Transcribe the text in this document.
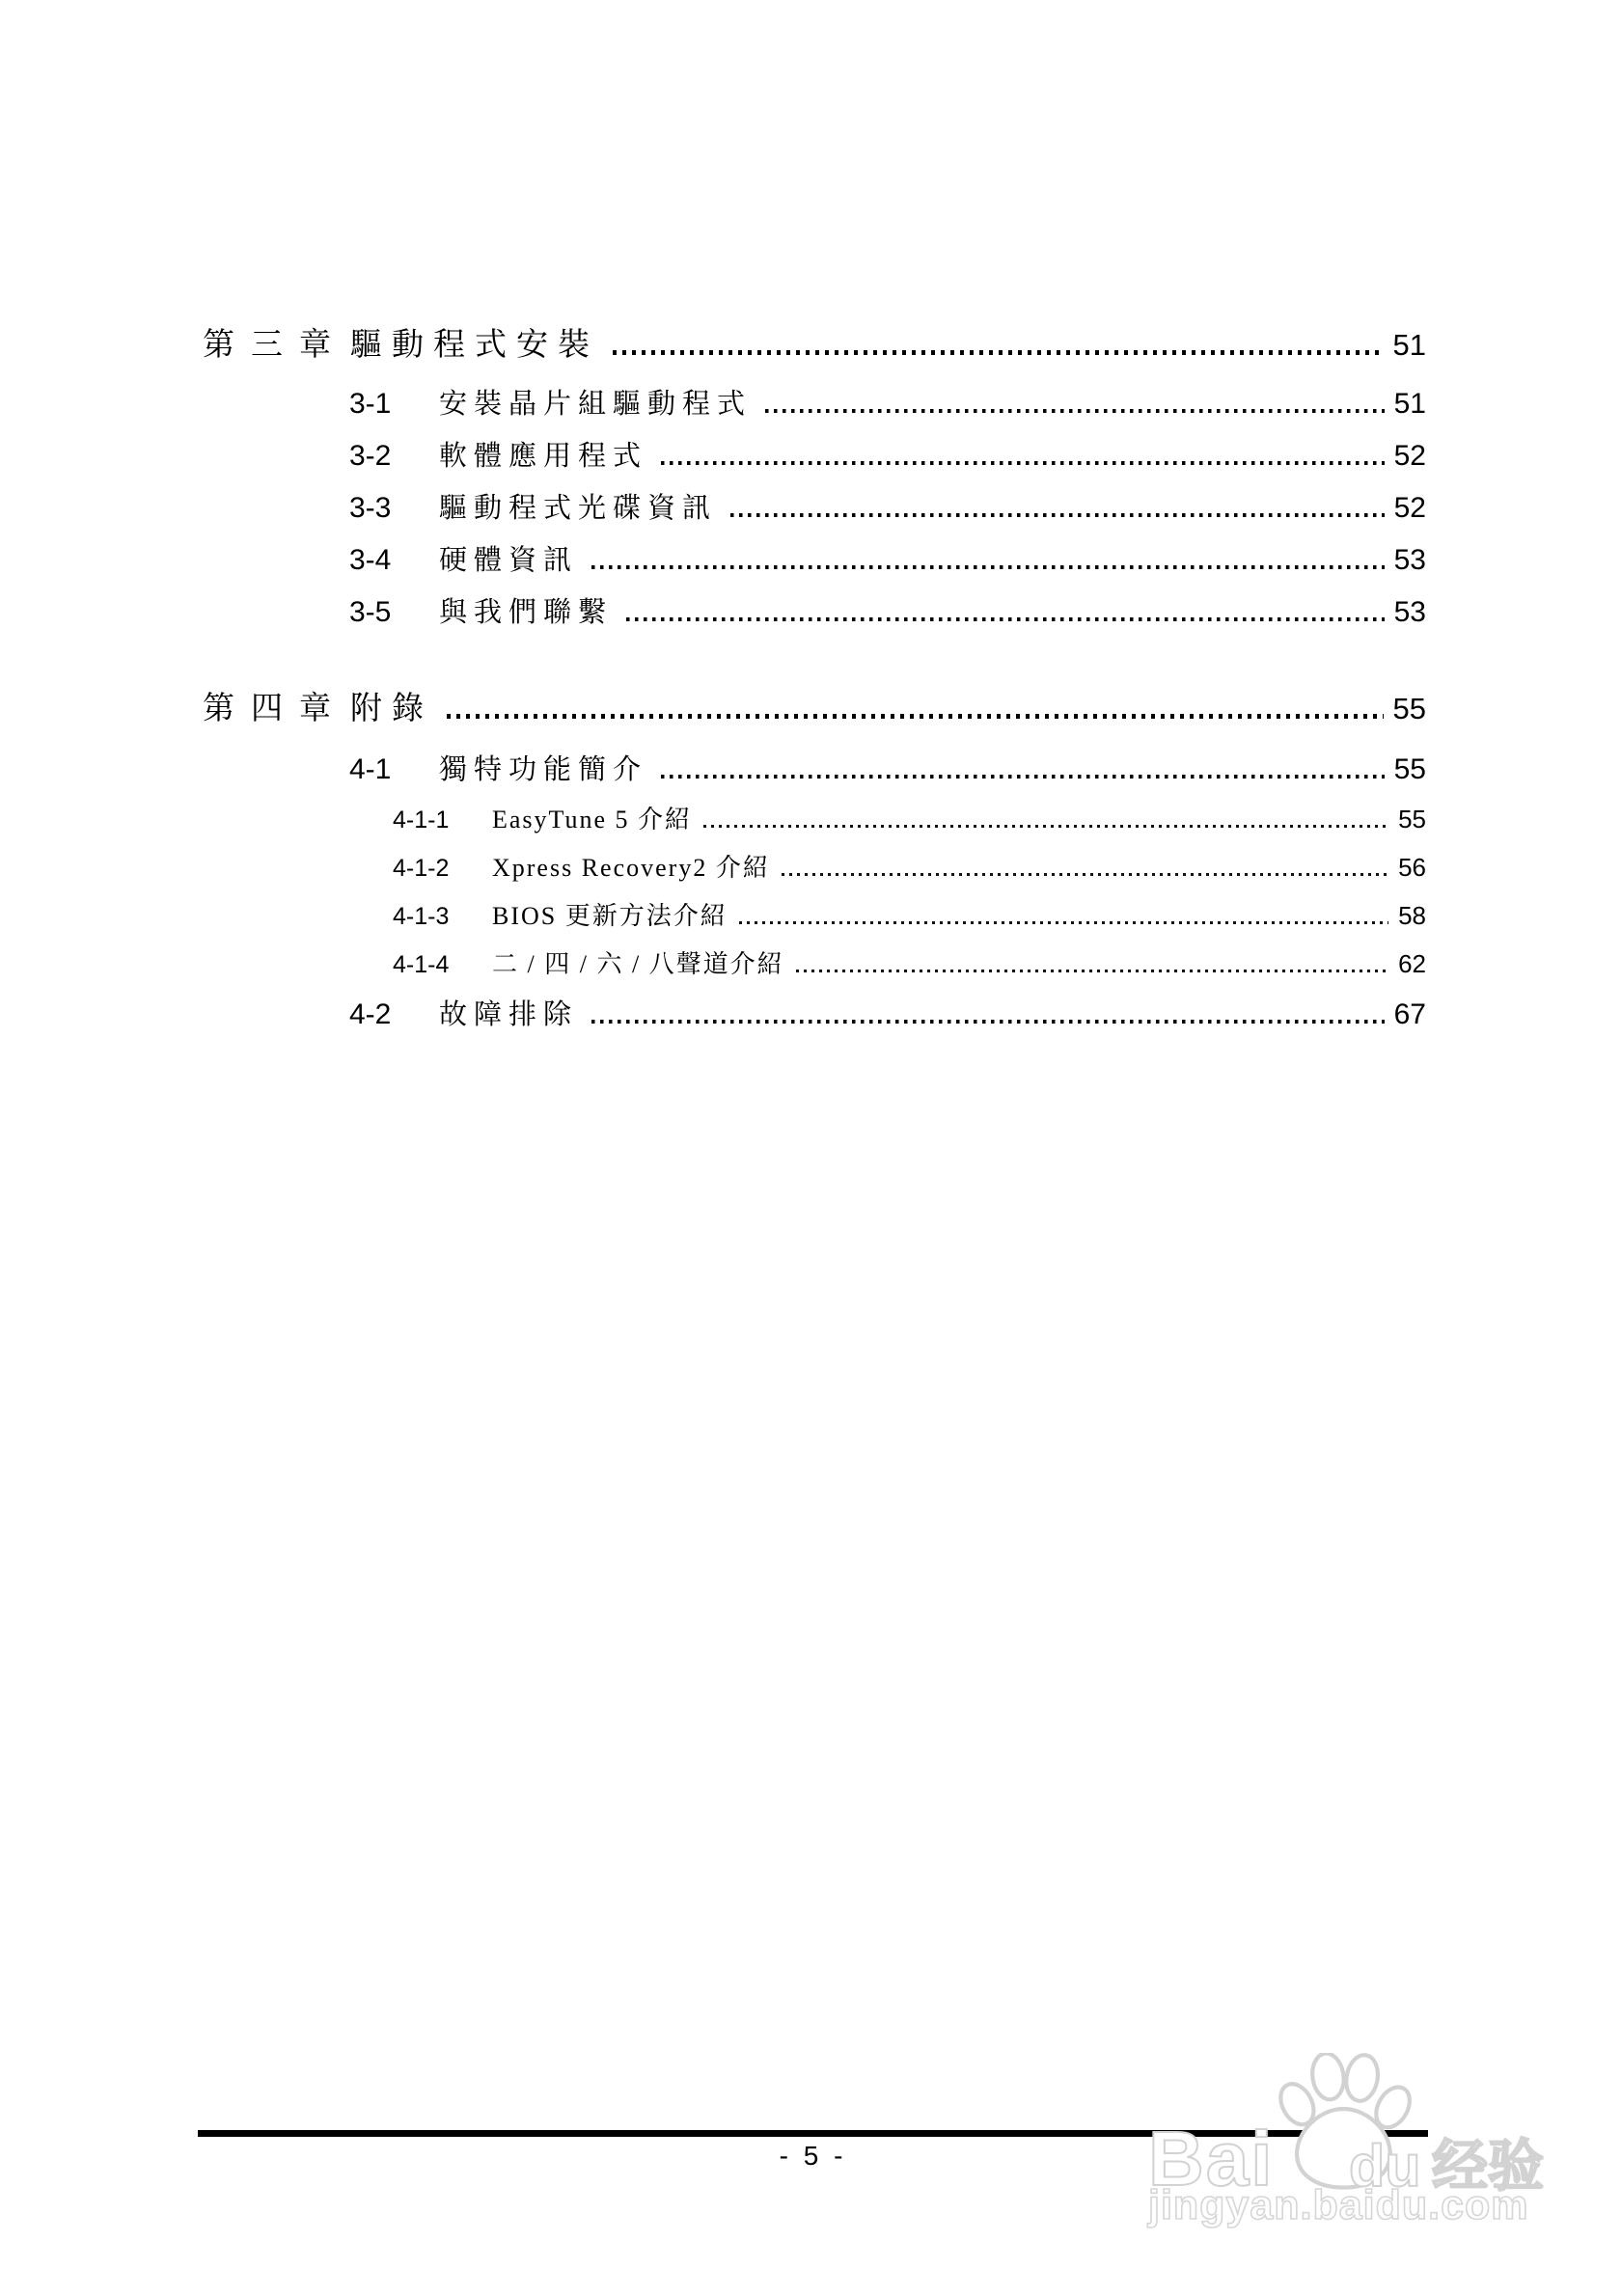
第三章 驅動程式安裝	51
3-1	安裝晶片組驅動程式	51
3-2	軟體應用程式	52
3-3	驅動程式光碟資訊	52
3-4	硬體資訊	53
3-5	與我們聯繫	53
第四章 附錄	55
4-1	獨特功能簡介	55
4-1-1	EasyTune 5 介紹	55
4-1-2	Xpress Recovery2 介紹	56
4-1-3	BIOS 更新方法介紹	58
4-1-4	二 / 四 / 六 / 八聲道介紹	62
4-2	故障排除	67
- 5 -	Bai du 经验
jingyan.baidu.com
